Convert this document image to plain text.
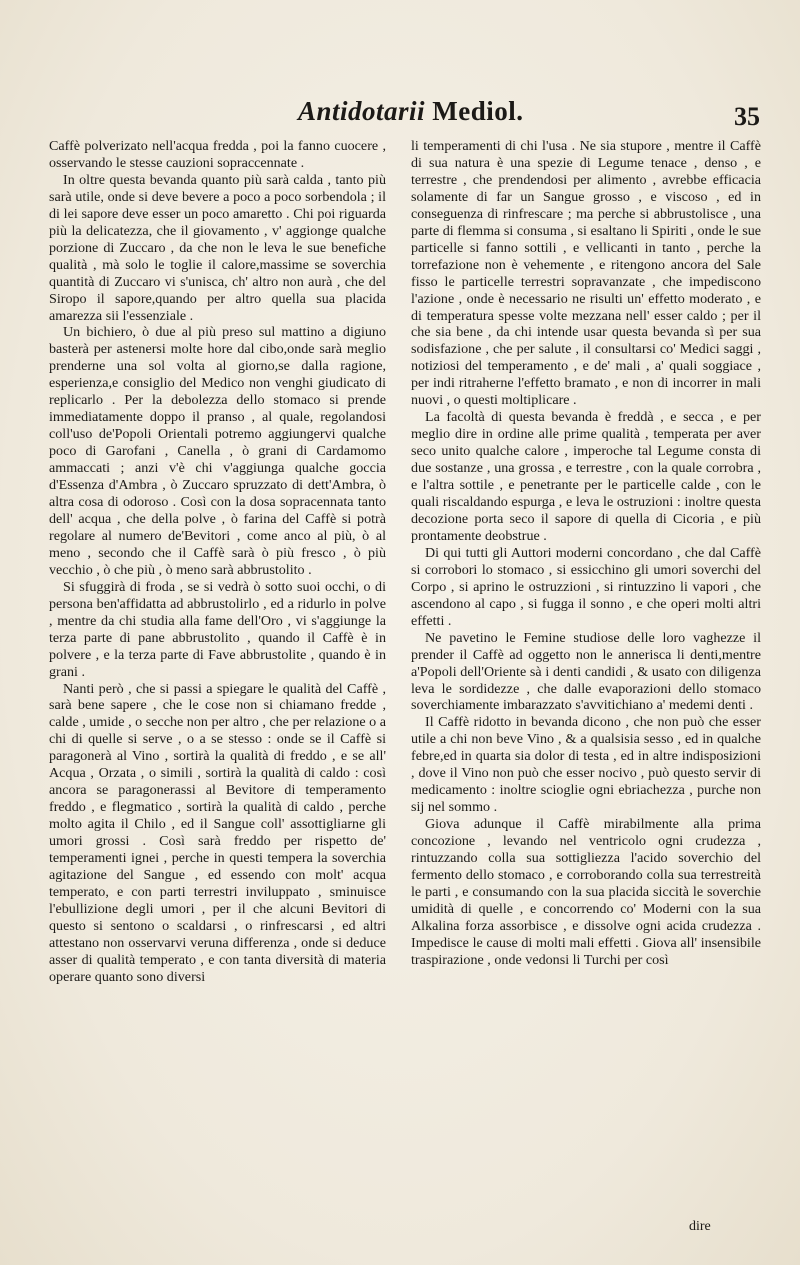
Antidotarii Mediol.	35

Caffè polverizato nell'acqua fredda , poi la fanno cuocere , osservando le stesse cauzioni sopraccennate .

In oltre questa bevanda quanto più sarà calda , tanto più sarà utile, onde si deve bevere a poco a poco sorbendola ; il di lei sapore deve esser un poco amaretto . Chi poi riguarda più la delicatezza, che il giovamento , v' aggionge qualche porzione di Zuccaro , da che non le leva le sue benefiche qualità , mà solo le toglie il calore,massime se soverchia quantità di Zuccaro vi s'unisca, ch' altro non aurà , che del Siropo il sapore,quando per altro quella sua placida amarezza sii l'essenziale .

Un bichiero, ò due al più preso sul mattino a digiuno basterà per astenersi molte hore dal cibo,onde sarà meglio prenderne una sol volta al giorno,se dalla ragione, esperienza,e consiglio del Medico non venghi giudicato di replicarlo . Per la debolezza dello stomaco si prende immediatamente doppo il pranso , al quale, regolandosi coll'uso de'Popoli Orientali potremo aggiungervi qualche poco di Garofani , Canella , ò grani di Cardamomo ammaccati ; anzi v'è chi v'aggiunga qualche goccia d'Essenza d'Ambra , ò Zuccaro spruzzato di dett'Ambra, ò altra cosa di odoroso . Così con la dosa sopracennata tanto dell' acqua , che della polve , ò farina del Caffè si potrà regolare al numero de'Bevitori , come anco al più, ò al meno , secondo che il Caffè sarà ò più fresco , ò più vecchio , ò che più , ò meno sarà abbrustolito .

Si sfuggirà di froda , se si vedrà ò sotto suoi occhi, o di persona ben'affidatta ad abbrustolirlo , ed a ridurlo in polve , mentre da chi studia alla fame dell'Oro , vi s'aggiunge la terza parte di pane abbrustolito , quando il Caffè è in polvere , e la terza parte di Fave abbrustolite , quando è in grani .

Nanti però , che si passi a spiegare le qualità del Caffè , sarà bene sapere , che le cose non si chiamano fredde , calde , umide , o secche non per altro , che per relazione o a chi di quelle si serve , o a se stesso : onde se il Caffè si paragonerà al Vino , sortirà la qualità di freddo , e se all' Acqua , Orzata , o simili , sortirà la qualità di caldo : così ancora se paragonerassi al Bevitore di temperamento freddo , e flegmatico , sortirà la qualità di caldo , perche molto agita il Chilo , ed il Sangue coll' assottigliarne gli umori grossi . Così sarà freddo per rispetto de' temperamenti ignei , perche in questi tempera la soverchia agitazione del Sangue , ed essendo con molt' acqua temperato, e con parti terrestri inviluppato , sminuisce l'ebullizione degli umori , per il che alcuni Bevitori di questo si sentono o scaldarsi , o rinfrescarsi , ed altri attestano non osservarvi veruna differenza , onde si deduce asser di qualità temperato , e con tanta diversità di materia operare quanto sono diversi

li temperamenti di chi l'usa . Ne sia stupore , mentre il Caffè di sua natura è una spezie di Legume tenace , denso , e terrestre , che prendendosi per alimento , avrebbe efficacia solamente di far un Sangue grosso , e viscoso , ed in conseguenza di rinfrescare ; ma perche si abbrustolisce , una parte di flemma si consuma , si esaltano li Spiriti , onde le sue particelle si fanno sottili , e vellicanti in tanto , perche la torrefazione non è vehemente , e ritengono ancora del Sale fisso le particelle terrestri sopravanzate , che impediscono l'azione , onde è necessario ne risulti un' effetto moderato , e di temperatura spesse volte mezzana nell' esser caldo ; per il che sia bene , da chi intende usar questa bevanda sì per sua sodisfazione , che per salute , il consultarsi co' Medici saggi , notiziosi del temperamento , e de' mali , a' quali soggiace , per indi ritraherne l'effetto bramato , e non di incorrer in mali nuovi , o questi moltiplicare .

La facoltà di questa bevanda è freddà , e secca , e per meglio dire in ordine alle prime qualità , temperata per aver seco unito qualche calore , imperoche tal Legume consta di due sostanze , una grossa , e terrestre , con la quale corrobra , e l'altra sottile , e penetrante per le particelle calde , con le quali riscaldando espurga , e leva le ostruzioni : inoltre questa decozione porta seco il sapore di quella di Cicoria , e più prontamente deobstrue .

Di qui tutti gli Auttori moderni concordano , che dal Caffè si corrobori lo stomaco , si essicchino gli umori soverchi del Corpo , si aprino le ostruzzioni , si rintuzzino li vapori , che ascendono al capo , si fugga il sonno , e che operi molti altri effetti .

Ne pavetino le Femine studiose delle loro vaghezze il prender il Caffè ad oggetto non le annerisca li denti,mentre a'Popoli dell'Oriente sà i denti candidi , & usato con diligenza leva le sordidezze , che dalle evaporazioni dello stomaco soverchiamente imbarazzato s'avvitichiano a' medemi denti .

Il Caffè ridotto in bevanda dicono , che non può che esser utile a chi non beve Vino , & a qualsisia sesso , ed in qualche febre,ed in quarta sia dolor di testa , ed in altre indisposizioni , dove il Vino non può che esser nocivo , può questo servir di medicamento : inoltre scioglie ogni ebriachezza , purche non sij nel sommo .

Giova adunque il Caffè mirabilmente alla prima concozione , levando nel ventricolo ogni crudezza , rintuzzando colla sua sottigliezza l'acido soverchio del fermento dello stomaco , e corroborando colla sua terrestreità le parti , e consumando con la sua placida siccità le soverchie umidità di quelle , e concorrendo co' Moderni con la sua Alkalina forza assorbisce , e dissolve ogni acida crudezza . Impedisce le cause di molti mali effetti . Giova all' insensibile traspirazione , onde vedonsi li Turchi per così

dire
